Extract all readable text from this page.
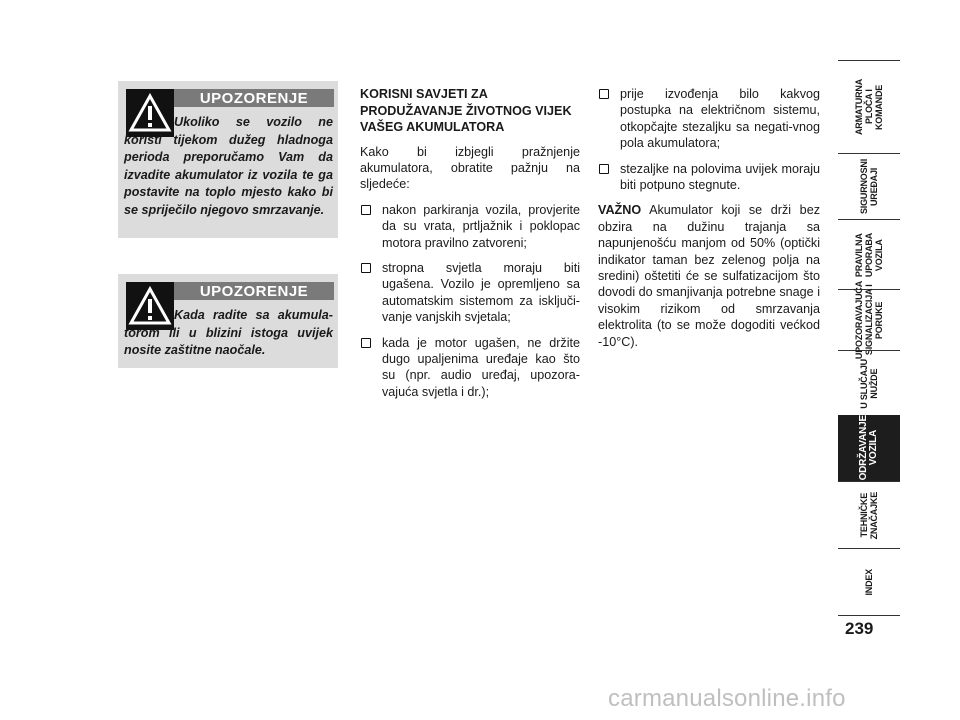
UPOZORENJE
Ukoliko se vozilo ne koristi tijekom dužeg hladnoga perioda preporučamo Vam da izvadite akumulator iz vozila te ga postavite na toplo mjesto kako bi se spriječilo njegovo smrzavanje.
UPOZORENJE
Kada radite sa akumula-torom ili u blizini istoga uvijek nosite zaštitne naočale.
KORISNI SAVJETI ZA PRODUŽAVANJE ŽIVOTNOG VIJEK VAŠEG AKUMULATORA
Kako bi izbjegli pražnjenje akumulatora, obratite pažnju na sljedeće:
nakon parkiranja vozila, provjerite da su vrata, prtljažnik i poklopac motora pravilno zatvoreni;
stropna svjetla moraju biti ugašena. Vozilo je opremljeno sa automatskim sistemom za isključi-vanje vanjskih svjetala;
kada je motor ugašen, ne držite dugo upaljenima uređaje kao što su (npr. audio uređaj, upozora-vajuća svjetla i dr.);
prije izvođenja bilo kakvog postupka na električnom sistemu, otkopčajte stezaljku sa negati-vnog pola akumulatora;
stezaljke na polovima uvijek moraju biti potpuno stegnute.
VAŽNO Akumulator koji se drži bez obzira na dužinu trajanja sa napunjenošću manjom od 50% (optički indikator taman bez zelenog polja na sredini) oštetiti će se sulfatizacijom što dovodi do smanjivanja potrebne snage i visokim rizikom od smrzavanja elektrolita (to se može dogoditi većkod -10°C).
ARMATURNA
PLOČA I
KOMANDE
SIGURNOSNI
UREĐAJI
PRAVILNA
UPORABA
VOZILA
UPOZORAVAJUĆA
SIGNALIZACIJA I
PORUKE
U SLUČAJU
NUŽDE
ODRŽAVANJE
VOZILA
TEHNIČKE
ZNAČAJKE
INDEX
239
carmanualsonline.info
